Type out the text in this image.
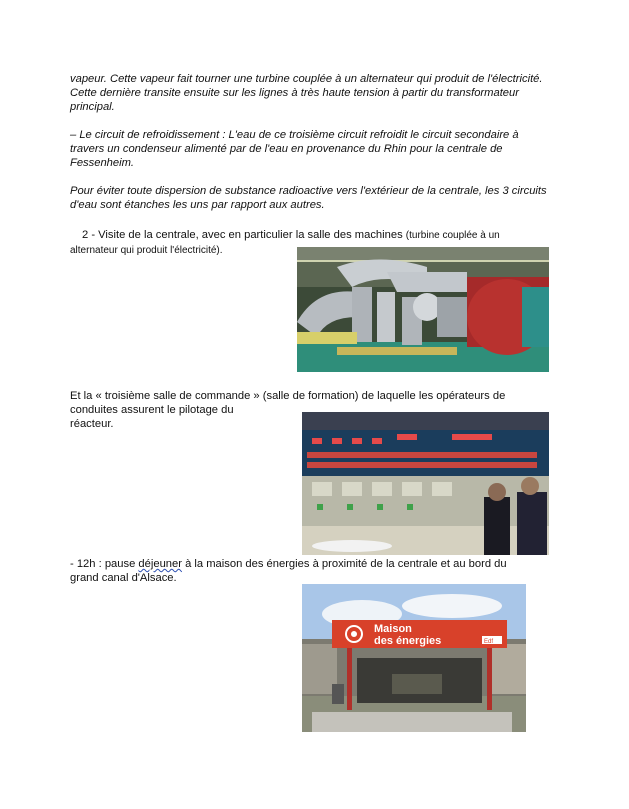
vapeur. Cette vapeur fait tourner une turbine couplée à un alternateur qui produit de l'électricité. Cette dernière transite ensuite sur les lignes à très haute tension à partir du transformateur principal.

– Le circuit de refroidissement : L'eau de ce troisième circuit refroidit le circuit secondaire à travers un condenseur alimenté par de l'eau en provenance du Rhin pour la centrale de Fessenheim.

Pour éviter toute dispersion de substance radioactive vers l'extérieur de la centrale, les 3 circuits d'eau sont étanches les uns par rapport aux autres.

2 - Visite de la centrale, avec en particulier la salle des machines (turbine couplée à un
alternateur qui produit l'électricité).

Et la « troisième salle de commande » (salle de formation) de laquelle les opérateurs de
conduites assurent le pilotage du
réacteur.

- 12h : pause déjeuner à la maison des énergies à proximité de la centrale et au bord du
grand canal d'Alsace.

Maison
des énergies	Edf
